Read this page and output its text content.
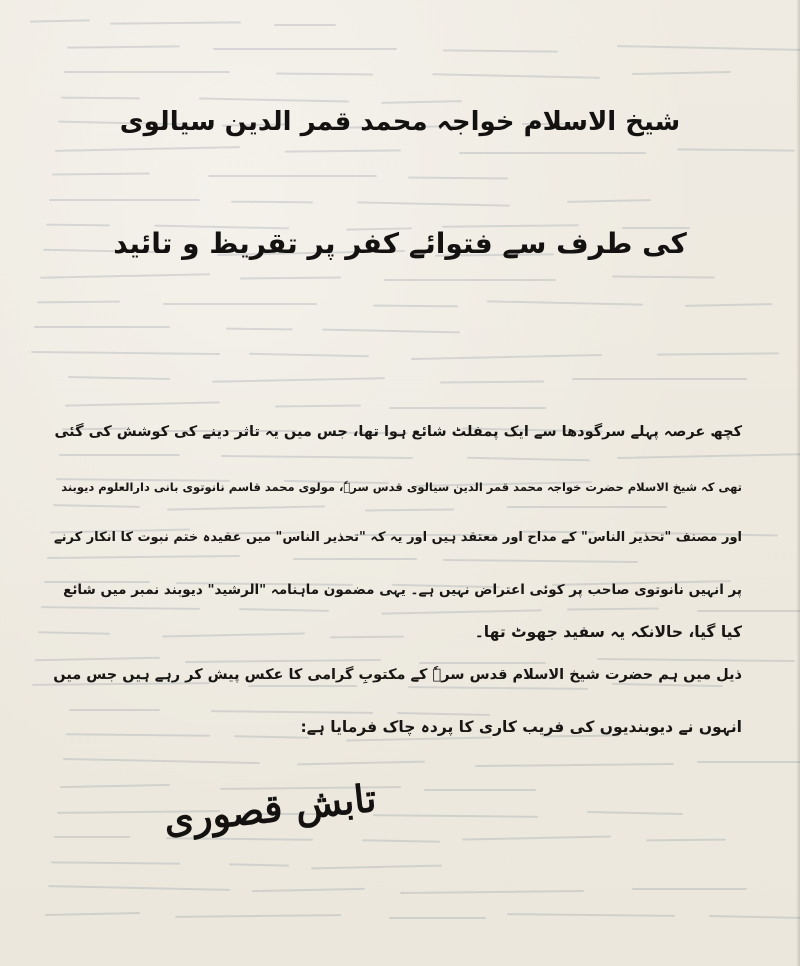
شیخ الاسلام خواجہ محمد قمر الدین سیالوی
کی طرف سے فتوائے کفر پر تقریظ و تائید
کچھ عرصہ پہلے سرگودھا سے ایک پمفلٹ شائع ہوا تھا، جس میں یہ تاثر دینے کی کوشش کی گئی
تھی کہ شیخ الاسلام حضرت خواجہ محمد قمر الدین سیالوی قدس سرہٗ، مولوی محمد قاسم نانوتوی بانی دارالعلوم دیوبند
اور مصنف "تحذیر الناس" کے مداح اور معتقد ہیں اور یہ کہ "تحذیر الناس" میں عقیدہ ختم نبوت کا انکار کرنے
پر انہیں نانوتوی صاحب پر کوئی اعتراض نہیں ہے۔ یہی مضمون ماہنامہ "الرشید" دیوبند نمبر میں شائع
کیا گیا، حالانکہ یہ سفید جھوٹ تھا۔
ذیل میں ہم حضرت شیخ الاسلام قدس سرہٗ کے مکتوبِ گرامی کا عکس پیش کر رہے ہیں جس میں
انہوں نے دیوبندیوں کی فریب کاری کا پردہ چاک فرمایا ہے:
تابش قصوری
